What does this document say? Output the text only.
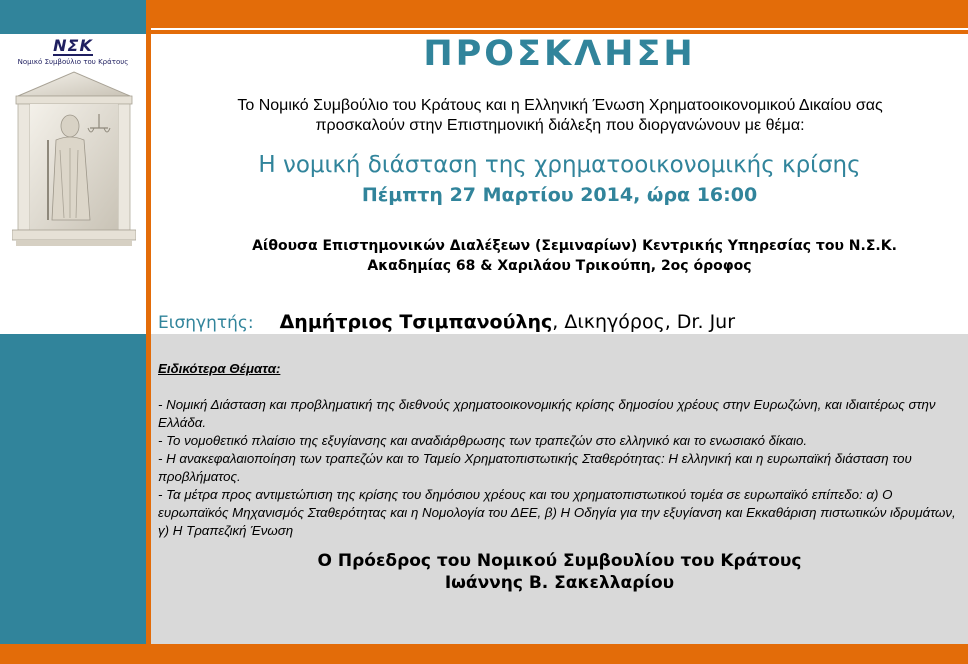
ΝΣΚ
Νομικό Συμβούλιο του Κράτους	ΠΡΟΣΚΛΗΣΗ
Το Νομικό Συμβούλιο του Κράτους και η Ελληνική Ένωση Χρηματοοικονομικού Δικαίου σας
προσκαλούν στην Επιστημονική διάλεξη που διοργανώνουν με θέμα:
Η νομική διάσταση της χρηματοοικονομικής κρίσης
Πέμπτη 27 Μαρτίου 2014, ώρα 16:00
Αίθουσα Επιστημονικών Διαλέξεων (Σεμιναρίων) Κεντρικής Υπηρεσίας του Ν.Σ.Κ.
Ακαδημίας 68 & Χαριλάου Τρικούπη, 2ος όροφος
Εισηγητής: Δημήτριος Τσιμπανούλης, Δικηγόρος, Dr. Jur
Ειδικότερα Θέματα:

- Νομική Διάσταση και προβληματική της διεθνούς χρηματοοικονομικής κρίσης δημοσίου χρέους στην Ευρωζώνη, και ιδιαιτέρως στην Ελλάδα.

- Το νομοθετικό πλαίσιο της εξυγίανσης και αναδιάρθρωσης των τραπεζών στο ελληνικό και το ενωσιακό δίκαιο.

- Η ανακεφαλαιοποίηση των τραπεζών και το Ταμείο Χρηματοπιστωτικής Σταθερότητας: Η ελληνική και η ευρωπαϊκή διάσταση του προβλήματος.

- Τα μέτρα προς αντιμετώπιση της κρίσης του δημόσιου χρέους και του χρηματοπιστωτικού τομέα σε ευρωπαϊκό επίπεδο: α) Ο ευρωπαϊκός Μηχανισμός Σταθερότητας και η Νομολογία του ΔΕΕ, β) Η Οδηγία για την εξυγίανση και Εκκαθάριση πιστωτικών ιδρυμάτων, γ) Η Τραπεζική Ένωση

Ο Πρόεδρος του Νομικού Συμβουλίου του Κράτους
Ιωάννης Β. Σακελλαρίου
